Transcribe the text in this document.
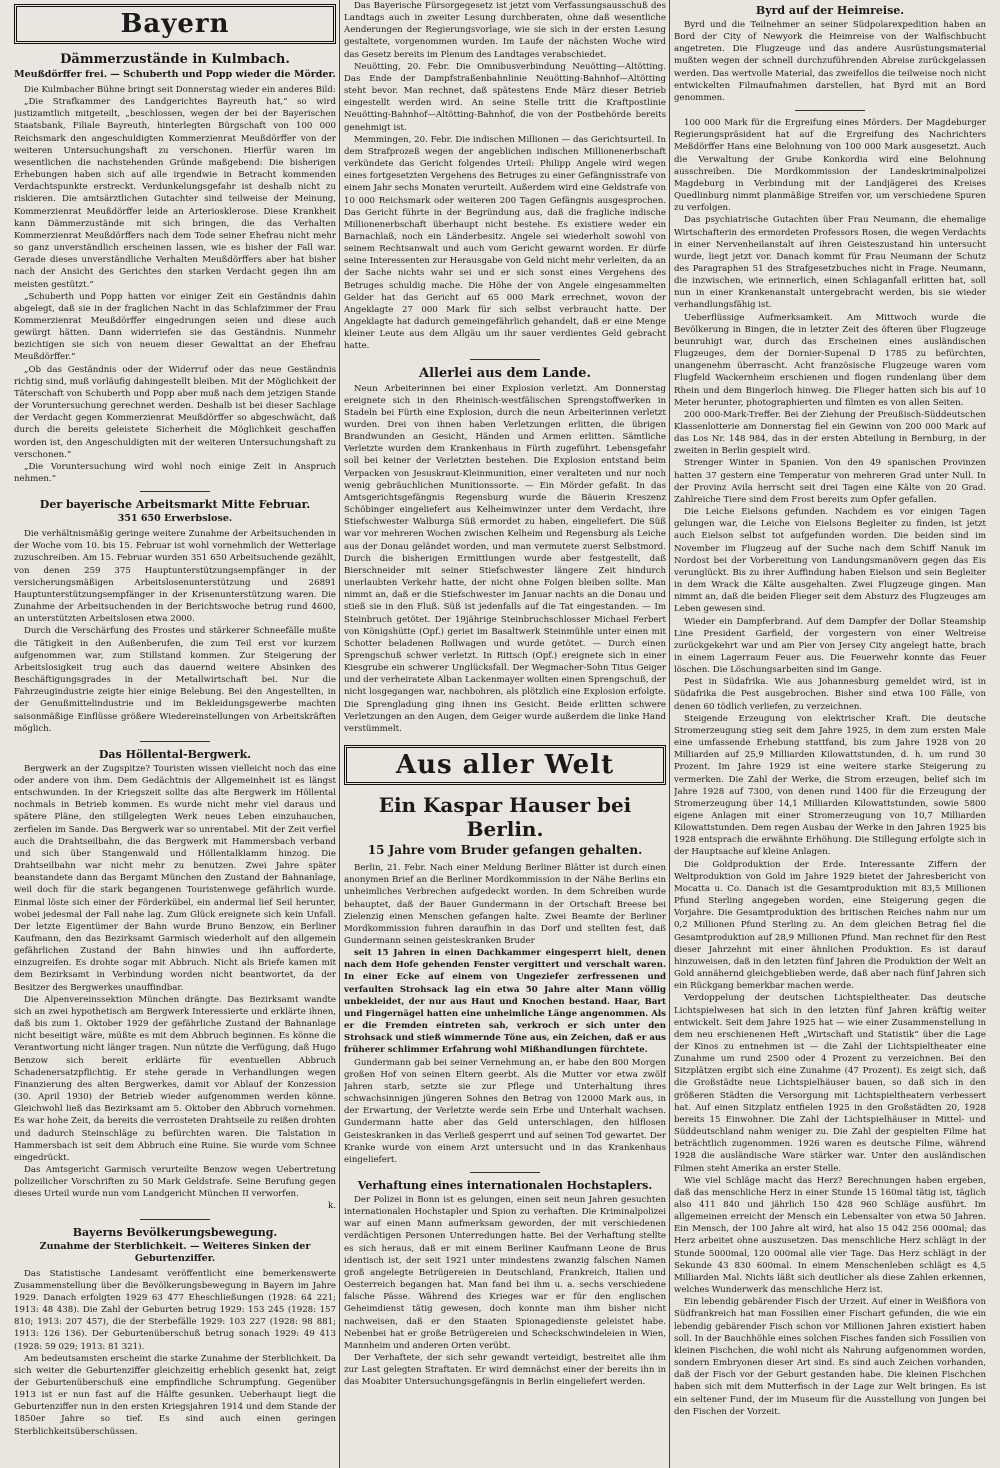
Bayern
Dämmerzustände in Kulmbach.
Meußdörffer frei. — Schuberth und Popp wieder die Mörder.

Die Kulmbacher Bühne bringt seit Donnerstag wieder ein anderes Bild:

„Die Strafkammer des Landgerichtes Bayreuth hat,“ so wird justizamtlich mitgeteilt, „beschlossen, wegen der bei der Bayerischen Staatsbank, Filiale Bayreuth, hinterlegten Bürgschaft von 100 000 Reichsmark den angeschuldigten Kommerzienrat Meußdörffer von der weiteren Untersuchungshaft zu verschonen. Hierfür waren im wesentlichen die nachstehenden Gründe maßgebend: Die bisherigen Erhebungen haben sich auf alle irgendwie in Betracht kommenden Verdachtspunkte erstreckt. Verdunkelungsgefahr ist deshalb nicht zu riskieren. Die amtsärztlichen Gutachter sind teilweise der Meinung, Kommerzienrat Meußdörffer leide an Arteriosklerose. Diese Krankheit kann Dämmerzustände mit sich bringen, die das Verhalten Kommerzienrat Meußdörffers nach dem Tode seiner Ehefrau nicht mehr so ganz unverständlich erscheinen lassen, wie es bisher der Fall war. Gerade dieses unverständliche Verhalten Meußdörffers aber hat bisher nach der Ansicht des Gerichtes den starken Verdacht gegen ihn am meisten gestützt.“

„Schuberth und Popp hatten vor einiger Zeit ein Geständnis dahin abgelegt, daß sie in der fraglichen Nacht in das Schlafzimmer der Frau Kommerzienrat Meußdörffer eingedrungen seien und diese auch gewürgt hätten. Dann widerriefen sie das Geständnis. Nunmehr bezichtigen sie sich von neuem dieser Gewalttat an der Ehefrau Meußdörffer.“

„Ob das Geständnis oder der Widerruf oder das neue Geständnis richtig sind, muß vorläufig dahingestellt bleiben. Mit der Möglichkeit der Täterschaft von Schuberth und Popp aber muß nach dem jetzigen Stande der Voruntersuchung gerechnet werden. Deshalb ist bei dieser Sachlage der Verdacht gegen Kommerzienrat Meußdörffer so abgeschwächt, daß durch die bereits geleistete Sicherheit die Möglichkeit geschaffen worden ist, den Angeschuldigten mit der weiteren Untersuchungshaft zu verschonen.“

„Die Voruntersuchung wird wohl noch einige Zeit in Anspruch nehmen.“

Der bayerische Arbeitsmarkt Mitte Februar.
351 650 Erwerbslose.

Die verhältnismäßig geringe weitere Zunahme der Arbeitsuchenden in der Woche vom 10. bis 15. Februar ist wohl vornehmlich der Wetterlage zuzuschreiben. Am 15. Februar wurden 351 650 Arbeitsuchende gezählt, von denen 259 375 Hauptunterstützungsempfänger in der versicherungsmäßigen Arbeitslosenunterstützung und 26891 Hauptunterstützungsempfänger in der Krisenunterstützung waren. Die Zunahme der Arbeitsuchenden in der Berichtswoche betrug rund 4600, an unterstützten Arbeitslosen etwa 2000.

Durch die Verschärfung des Frostes und stärkerer Schneefälle mußte die Tätigkeit in den Außenberufen, die zum Teil erst vor kurzem aufgenommen war, zum Stillstand kommen. Zur Steigerung der Arbeitslosigkeit trug auch das dauernd weitere Absinken des Beschäftigungsgrades in der Metallwirtschaft bei. Nur die Fahrzeugindustrie zeigte hier einige Belebung. Bei den Angestellten, in der Genußmittelindustrie und im Bekleidungsgewerbe machten saisonmäßige Einflüsse größere Wiedereinstellungen von Arbeitskräften möglich.

Das Höllental-Bergwerk.

Bergwerk an der Zugspitze? Touristen wissen vielleicht noch das eine oder andere von ihm. Dem Gedächtnis der Allgemeinheit ist es längst entschwunden. In der Kriegszeit sollte das alte Bergwerk im Höllental nochmals in Betrieb kommen. Es wurde nicht mehr viel daraus und spätere Pläne, den stillgelegten Werk neues Leben einzuhauchen, zerfielen im Sande. Das Bergwerk war so unrentabel. Mit der Zeit verfiel auch die Drahtseilbahn, die das Bergwerk mit Hammersbach verband und sich über Stangenwald und Höllentalklamm hinzog. Die Drahtseilbahn war nicht mehr zu benutzen. Zwei Jahre später beanstandete dann das Bergamt München den Zustand der Bahnanlage, weil doch für die stark begangenen Touristenwege gefährlich wurde. Einmal löste sich einer der Förderkübel, ein andermal lief Seil herunter, wobei jedesmal der Fall nahe lag. Zum Glück ereignete sich kein Unfall. Der letzte Eigentümer der Bahn wurde Bruno Benzow, ein Berliner Kaufmann, den das Bezirksamt Garmisch wiederholt auf den allgemein gefährlichen Zustand der Bahn hinwies und ihn aufforderte, einzugreifen. Es drohte sogar mit Abbruch. Nicht als Briefe kamen mit dem Bezirksamt in Verbindung worden nicht beantwortet, da der Besitzer des Bergwerkes unauffindbar.

Die Alpenvereinssektion München drängte. Das Bezirksamt wandte sich an zwei hypothetisch am Bergwerk Interessierte und erklärte ihnen, daß bis zum 1. Oktober 1929 der gefährliche Zustand der Bahnanlage nicht beseitigt wäre, müßte es mit dem Abbruch beginnen. Es könne die Verantwortung nicht länger tragen. Nun nützte die Verfügung, daß Hugo Benzow sich bereit erklärte für eventuellen Abbruch Schadenersatzpflichtig. Er stehe gerade in Verhandlungen wegen Finanzierung des alten Bergwerkes, damit vor Ablauf der Konzession (30. April 1930) der Betrieb wieder aufgenommen werden könne. Gleichwohl ließ das Bezirksamt am 5. Oktober den Abbruch vornehmen. Es war hohe Zeit, da bereits die verrosteten Drahtseile zu reißen drohten und dadurch Steinschläge zu befürchten waren. Die Talstation in Hammersbach ist seit dem Abbruch eine Ruine. Sie wurde vom Schnee eingedrückt.

Das Amtsgericht Garmisch verurteilte Benzow wegen Uebertretung polizeilicher Vorschriften zu 50 Mark Geldstrafe. Seine Berufung gegen dieses Urteil wurde nun vom Landgericht München II verworfen.

k.

Bayerns Bevölkerungsbewegung.
Zunahme der Sterblichkeit. — Weiteres Sinken der Geburtenziffer.

Das Statistische Landesamt veröffentlicht eine bemerkenswerte Zusammenstellung über die Bevölkerungsbewegung in Bayern im Jahre 1929. Danach erfolgten 1929 63 477 Eheschließungen (1928: 64 221; 1913: 48 438). Die Zahl der Geburten betrug 1929: 153 245 (1928: 157 810; 1913: 207 457), die der Sterbefälle 1929: 103 227 (1928: 98 881; 1913: 126 136). Der Geburtenüberschuß betrug sonach 1929: 49 413 (1928: 59 029; 1913: 81 321).

Am bedeutsamsten erscheint die starke Zunahme der Sterblichkeit. Da sich weiter die Geburtenziffer gleichzeitig erheblich gesenkt hat, zeigt der Geburtenüberschuß eine empfindliche Schrumpfung. Gegenüber 1913 ist er nun fast auf die Hälfte gesunken. Ueberhaupt liegt die Geburtenziffer nun in den ersten Kriegsjahren 1914 und dem Stande der 1850er Jahre so tief. Es sind auch einen geringen Sterblichkeitsüberschüssen.

Das Bayerische Fürsorgegesetz ist jetzt vom Verfassungsausschuß des Landtags auch in zweiter Lesung durchberaten, ohne daß wesentliche Aenderungen der Regierungsvorlage, wie sie sich in der ersten Lesung gestaltete, vorgenommen wurden. Im Laufe der nächsten Woche wird das Gesetz bereits im Plenum des Landtages verabschiedet.

Neuötting, 20. Febr. Die Omnibusverbindung Neuötting—Altötting. Das Ende der Dampfstraßenbahnlinie Neuötting-Bahnhof—Altötting steht bevor. Man rechnet, daß spätestens Ende März dieser Betrieb eingestellt werden wird. An seine Stelle tritt die Kraftpostlinie Neuötting-Bahnhof—Altötting-Bahnhof, die von der Postbehörde bereits genehmigt ist.

Memmingen, 20. Febr. Die indischen Millionen — das Gerichtsurteil. In dem Strafprozeß wegen der angeblichen indischen Millionenerbschaft verkündete das Gericht folgendes Urteil: Philipp Angele wird wegen eines fortgesetzten Vergehens des Betruges zu einer Gefängnisstrafe von einem Jahr sechs Monaten verurteilt. Außerdem wird eine Geldstrafe von 10 000 Reichsmark oder weiteren 200 Tagen Gefängnis ausgesprochen. Das Gericht führte in der Begründung aus, daß die fragliche indische Millionenerbschaft überhaupt nicht bestehe. Es existiere weder ein Barnachlaß, noch ein Länderbesitz. Angele sei wiederholt sowohl von seinem Rechtsanwalt und auch vom Gericht gewarnt worden. Er dürfe seine Interessenten zur Herausgabe von Geld nicht mehr verleiten, da an der Sache nichts wahr sei und er sich sonst eines Vergehens des Betruges schuldig mache. Die Höhe der von Angele eingesammelten Gelder hat das Gericht auf 65 000 Mark errechnet, wovon der Angeklagte 27 000 Mark für sich selbst verbraucht hatte. Der Angeklagte hat dadurch gemeingefährlich gehandelt, daß er eine Menge kleiner Leute aus dem Allgäu um ihr sauer verdientes Geld gebracht hatte.

Allerlei aus dem Lande.

Neun Arbeiterinnen bei einer Explosion verletzt. Am Donnerstag ereignete sich in den Rheinisch-westfälischen Sprengstoffwerken in Stadeln bei Fürth eine Explosion, durch die neun Arbeiterinnen verletzt wurden. Drei von ihnen haben Verletzungen erlitten, die übrigen Brandwunden an Gesicht, Händen und Armen erlitten. Sämtliche Verletzte wurden dem Krankenhaus in Fürth zugeführt. Lebensgefahr soll bei keiner der Verletzten bestehen. Die Explosion entstand beim Verpacken von Jesuskraut-Kleinmunition, einer veralteten und nur noch wenig gebräuchlichen Munitionssorte. — Ein Mörder gefaßt. In das Amtsgerichtsgefängnis Regensburg wurde die Bäuerin Kreszenz Schöbinger eingeliefert aus Kelheimwinzer unter dem Verdacht, ihre Stiefschwester Walburga Süß ermordet zu haben, eingeliefert. Die Süß war vor mehreren Wochen zwischen Kelheim und Regensburg als Leiche aus der Donau geländet worden, und man vermutete zuerst Selbstmord. Durch die bisherigen Ermittlungen wurde aber festgestellt, daß Bierschneider mit seiner Stiefschwester längere Zeit hindurch unerlaubten Verkehr hatte, der nicht ohne Folgen bleiben sollte. Man nimmt an, daß er die Stiefschwester im Januar nachts an die Donau und stieß sie in den Fluß. Süß ist jedenfalls auf die Tat eingestanden. — Im Steinbruch getötet. Der 19jährige Steinbruchschlosser Michael Ferbert von Königshütte (Opf.) geriet im Basaltwerk Steinmühle unter einen mit Schotter beladenen Rollwagen und wurde getötet. — Durch einen Sprengschuß schwer verletzt. In Rittsch (Opf.) ereignete sich in einer Kiesgrube ein schwerer Unglücksfall. Der Wegmacher-Sohn Titus Geiger und der verheiratete Alban Lackenmayer wollten einen Sprengschuß, der nicht losgegangen war, nachbohren, als plötzlich eine Explosion erfolgte. Die Sprengladung ging ihnen ins Gesicht. Beide erlitten schwere Verletzungen an den Augen, dem Geiger wurde außerdem die linke Hand verstümmelt.

Aus aller Welt
Ein Kaspar Hauser bei Berlin.
15 Jahre vom Bruder gefangen gehalten.

Berlin, 21. Febr. Nach einer Meldung Berliner Blätter ist durch einen anonymen Brief an die Berliner Mordkommission in der Nähe Berlins ein unheimliches Verbrechen aufgedeckt worden. In dem Schreiben wurde behauptet, daß der Bauer Gundermann in der Ortschaft Breese bei Zielenzig einen Menschen gefangen halte. Zwei Beamte der Berliner Mordkommission fuhren daraufhin in das Dorf und stellten fest, daß Gundermann seinen geisteskranken Bruder

seit 15 Jahren in einen Dachkammer eingesperrt hielt, denen nach dem Hofe gehenden Fenster vergittert und verschalt waren. In einer Ecke auf einem von Ungeziefer zerfressenen und verfaulten Strohsack lag ein etwa 50 Jahre alter Mann völlig unbekleidet, der nur aus Haut und Knochen bestand. Haar, Bart und Fingernägel hatten eine unheimliche Länge angenommen. Als er die Fremden eintreten sah, verkroch er sich unter den Strohsack und stieß wimmernde Töne aus, ein Zeichen, daß er aus früherer schlimmer Erfahrung wohl Mißhandlungen fürchtete.

Gundermann gab bei seiner Vernehmung an, er habe den 800 Morgen großen Hof von seinen Eltern geerbt. Als die Mutter vor etwa zwölf Jahren starb, setzte sie zur Pflege und Unterhaltung ihres schwachsinnigen jüngeren Sohnes den Betrag von 12000 Mark aus, in der Erwartung, der Verletzte werde sein Erbe und Unterhalt wachsen. Gundermann hatte aber das Geld unterschlagen, den hilflosen Geisteskranken in das Verließ gesperrt und auf seinen Tod gewartet. Der Kranke wurde von einem Arzt untersucht und in das Krankenhaus eingeliefert.

Verhaftung eines internationalen Hochstaplers.

Der Polizei in Bonn ist es gelungen, einen seit neun Jahren gesuchten internationalen Hochstapler und Spion zu verhaften. Die Kriminalpolizei war auf einen Mann aufmerksam geworden, der mit verschiedenen verdächtigen Personen Unterredungen hatte. Bei der Verhaftung stellte es sich heraus, daß er mit einem Berliner Kaufmann Leone de Brus identisch ist, der seit 1921 unter mindestens zwanzig falschen Namen groß angelegte Betrügereien in Deutschland, Frankreich, Italien und Oesterreich begangen hat. Man fand bei ihm u. a. sechs verschiedene falsche Pässe. Während des Krieges war er für den englischen Geheimdienst tätig gewesen, doch konnte man ihm bisher nicht nachweisen, daß er den Staaten Spionagedienste geleistet habe. Nebenbei hat er große Betrügereien und Scheckschwindeleien in Wien, Mannheim und anderen Orten verübt.

Der Verhaftete, der sich sehr gewandt verteidigt, bestreitet alle ihm zur Last gelegten Straftaten. Er wird demnächst einer der bereits ihn in das Moabiter Untersuchungsgefängnis in Berlin eingeliefert werden.

Byrd auf der Heimreise.

Byrd und die Teilnehmer an seiner Südpolarexpedition haben an Bord der City of Newyork die Heimreise von der Walfischbucht angetreten. Die Flugzeuge und das andere Ausrüstungsmaterial mußten wegen der schnell durchzuführenden Abreise zurückgelassen werden. Das wertvolle Material, das zweifellos die teilweise noch nicht entwickelten Filmaufnahmen darstellen, hat Byrd mit an Bord genommen.

100 000 Mark für die Ergreifung eines Mörders. Der Magdeburger Regierungspräsident hat auf die Ergreifung des Nachrichters Meßdörffer Hans eine Belohnung von 100 000 Mark ausgesetzt. Auch die Verwaltung der Grube Konkordia wird eine Belohnung ausschreiben. Die Mordkommission der Landeskriminalpolizei Magdeburg in Verbindung mit der Landjägerei des Kreises Quedlinburg nimmt planmäßige Streifen vor, um verschiedene Spuren zu verfolgen.

Das psychiatrische Gutachten über Frau Neumann, die ehemalige Wirtschafterin des ermordeten Professors Rosen, die wegen Verdachts in einer Nervenheilanstalt auf ihren Geisteszustand hin untersucht wurde, liegt jetzt vor. Danach kommt für Frau Neumann der Schutz des Paragraphen 51 des Strafgesetzbuches nicht in Frage. Neumann, die inzwischen, wie erinnerlich, einen Schlaganfall erlitten hat, soll nun in einer Krankenanstalt untergebracht werden, bis sie wieder verhandlungsfähig ist.

Ueberflüssige Aufmerksamkeit. Am Mittwoch wurde die Bevölkerung in Bingen, die in letzter Zeit des öfteren über Flugzeuge beunruhigt war, durch das Erscheinen eines ausländischen Flugzeuges, dem der Dornier-Supenal D 1785 zu befürchten, unangenehm überrascht. Acht französische Flugzeuge waren vom Flugfeld Wackernheim erschienen und flogen rundenlang über dem Rhein und dem Bingerloch hinweg. Die Flieger hatten sich bis auf 10 Meter herunter, photographierten und filmten es von allen Seiten.

200 000-Mark-Treffer. Bei der Ziehung der Preußisch-Süddeutschen Klassenlotterie am Donnerstag fiel ein Gewinn von 200 000 Mark auf das Los Nr. 148 984, das in der ersten Abteilung in Bernburg, in der zweiten in Berlin gespielt wird.

Strenger Winter in Spanien. Von den 49 spanischen Provinzen hatten 37 gestern eine Temperatur von mehreren Grad unter Null. In der Provinz Avila herrscht seit drei Tagen eine Kälte von 20 Grad. Zahlreiche Tiere sind dem Frost bereits zum Opfer gefallen.

Die Leiche Eielsons gefunden. Nachdem es vor einigen Tagen gelungen war, die Leiche von Eielsons Begleiter zu finden, ist jetzt auch Eielson selbst tot aufgefunden worden. Die beiden sind im November im Flugzeug auf der Suche nach dem Schiff Nanuk im Nordost bei der Vorbereitung von Landungsmanövern gegen das Eis verunglückt. Bis zu ihrer Auffindung haben Eielson und sein Begleiter in dem Wrack die Kälte ausgehalten. Zwei Flugzeuge gingen. Man nimmt an, daß die beiden Flieger seit dem Absturz des Flugzeuges am Leben gewesen sind.

Wieder ein Dampferbrand. Auf dem Dampfer der Dollar Steamship Line President Garfield, der vorgestern von einer Weltreise zurückgekehrt war und am Pier von Jersey City angelegt hatte, brach in einem Lagerraum Feuer aus. Die Feuerwehr konnte das Feuer löschen. Die Löschungsarbeiten sind im Gange.

Pest in Südafrika. Wie aus Johannesburg gemeldet wird, ist in Südafrika die Pest ausgebrochen. Bisher sind etwa 100 Fälle, von denen 60 tödlich verliefen, zu verzeichnen.

Steigende Erzeugung von elektrischer Kraft. Die deutsche Stromerzeugung stieg seit dem Jahre 1925, in dem zum ersten Male eine umfassende Erhebung stattfand, bis zum Jahre 1928 von 20 Milliarden auf 25,9 Milliarden Kilowattstunden, d. h. um rund 30 Prozent. Im Jahre 1929 ist eine weitere starke Steigerung zu vermerken. Die Zahl der Werke, die Strom erzeugen, belief sich im Jahre 1928 auf 7300, von denen rund 1400 für die Erzeugung der Stromerzeugung über 14,1 Milliarden Kilowattstunden, sowie 5800 eigene Anlagen mit einer Stromerzeugung von 10,7 Milliarden Kilowattstunden. Dem regen Ausbau der Werke in den Jahren 1925 bis 1928 entsprach die erwähnte Erhöhung. Die Stillegung erfolgte sich in der Hauptsache auf kleine Anlagen.

Die Goldproduktion der Erde. Interessante Ziffern der Weltproduktion von Gold im Jahre 1929 bietet der Jahresbericht von Mocatta u. Co. Danach ist die Gesamtproduktion mit 83,5 Millionen Pfund Sterling angegeben worden, eine Steigerung gegen die Vorjahre. Die Gesamtproduktion des britischen Reiches nahm nur um 0,2 Millionen Pfund Sterling zu. An dem gleichen Betrag fiel die Gesamtproduktion auf 28,9 Millionen Pfund. Man rechnet für den Rest dieser Jahrzehnt mit einer ähnlichen Produktion. Es ist darauf hinzuweisen, daß in den letzten fünf Jahren die Produktion der Welt an Gold annähernd gleichgeblieben werde, daß aber nach fünf Jahren sich ein Rückgang bemerkbar machen werde.

Verdoppelung der deutschen Lichtspieltheater. Das deutsche Lichtspielwesen hat sich in den letzten fünf Jahren kräftig weiter entwickelt. Seit dem Jahre 1925 hat — wie einer Zusammenstellung in dem neu erschienenen Heft „Wirtschaft und Statistik“ über die Lage der Kinos zu entnehmen ist — die Zahl der Lichtspieltheater eine Zunahme um rund 2500 oder 4 Prozent zu verzeichnen. Bei den Sitzplätzen ergibt sich eine Zunahme (47 Prozent). Es zeigt sich, daß die Großstädte neue Lichtspielhäuser bauen, so daß sich in den größeren Städten die Versorgung mit Lichtspieltheatern verbessert hat. Auf einen Sitzplatz entfielen 1925 in den Großstädten 20, 1928 bereits 15 Einwohner. Die Zahl der Lichtspielhäuser in Mittel- und Süddeutschland nahm weniger zu. Die Zahl der gespielten Filme hat beträchtlich zugenommen. 1926 waren es deutsche Filme, während 1928 die ausländische Ware stärker war. Unter den ausländischen Filmen steht Amerika an erster Stelle.

Wie viel Schläge macht das Herz? Berechnungen haben ergeben, daß das menschliche Herz in einer Stunde 15 160mal tätig ist, täglich also 411 840 und jährlich 150 428 960 Schläge ausführt. Im allgemeinen erreicht der Mensch ein Lebensalter von etwa 50 Jahren. Ein Mensch, der 100 Jahre alt wird, hat also 15 042 256 000mal; das Herz arbeitet ohne auszusetzen. Das menschliche Herz schlägt in der Stunde 5000mal, 120 000mal alle vier Tage. Das Herz schlägt in der Sekunde 43 830 600mal. In einem Menschenleben schlägt es 4,5 Milliarden Mal. Nichts läßt sich deutlicher als diese Zahlen erkennen, welches Wunderwerk das menschliche Herz ist.

Ein lebendig gebärender Fisch der Urzeit. Auf einer in Weißfiora von Südfrankreich hat man Fossilien einer Fischart gefunden, die wie ein lebendig gebärender Fisch schon vor Millionen Jahren existiert haben soll. In der Bauchhöhle eines solchen Fisches fanden sich Fossilien von kleinen Fischchen, die wohl nicht als Nahrung aufgenommen worden, sondern Embryonen dieser Art sind. Es sind auch Zeichen vorhanden, daß der Fisch vor der Geburt gestanden habe. Die kleinen Fischchen haben sich mit dem Mutterfisch in der Lage zur Welt bringen. Es ist ein seltener Fund, der im Museum für die Ausstellung von Jungen bei den Fischen der Vorzeit.
